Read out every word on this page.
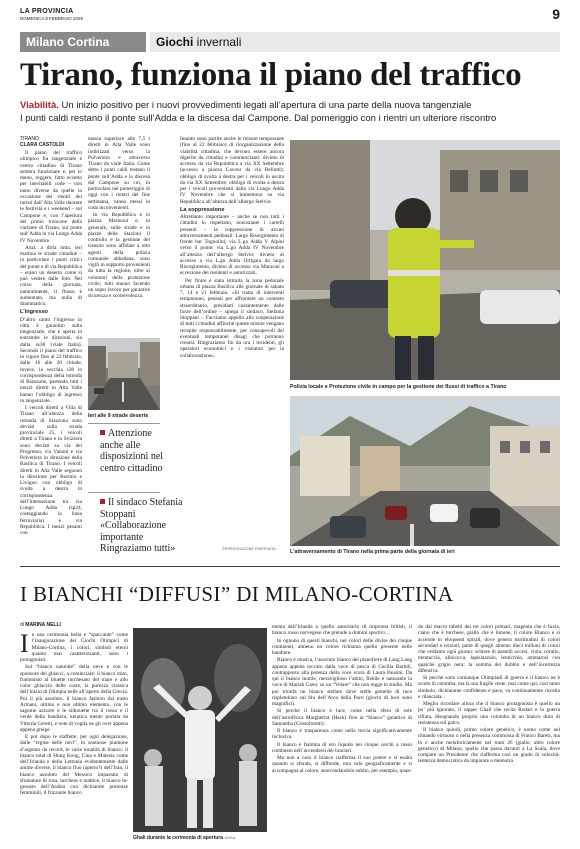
LA PROVINCIA
DOMENICA 8 FEBBRAIO 2026	9
Milano Cortina	Giochi invernali
Tirano, funziona il piano del traffico
Viabilità. Un inizio positivo per i nuovi provvedimenti legati all’apertura di una parte della nuova tangenziale
I punti caldi restano il ponte sull’Adda e la discesa dal Campone. Dal pomeriggio con i rientri un ulteriore riscontro
TIRANO
CLARA CASTOLDI

Il piano del traffico olimpico fra tangenziale e centro cittadino di Tirano sembra funzionare e, per lo meno, reggere, fatto eccetto per inevitabili code – non tanto diverse da quelle in occasione dei rientri dei turisti dall’Alta Valle durante le festività e i weekend – sul Campone e, con l’apertura del primo troncone della variante di Tirano, sul ponte sull’Adda in via Lungo Adda IV Novembre.

Anzi, a dirla tutta, ieri mattina le strade cittadine – in particolare i punti critici del ponte e di via Repubblica – erano un deserto come si può vedere dalle foto. Nel corso della giornata, naturalmente, il flusso è aumentato, ma nulla di drammatico.

L’ingresso

D’altro canto l’ingresso in città è garantito sulla tangenziale, che è aperta in entrambe le direzioni, sia dalla ss38 (viale Italia). Secondo il piano del traffico in vigore fino al 22 febbraio, dalle 16 alle 20 chiude, invece, la vecchia s38 in corrispondenza della rotonda di Bianzone, partendo tutti i mezzi diretti in Alta Valle hanno l’obbligo di ingresso in tangenziale.

I veicoli diretti a Villa di Tirano all’altezza della rotonda di Stazzona sono deviati sulla strada provinciale 25, i veicoli diretti a Tirano e in Svizzera sono deviati su via del Progresso, via Vanoni e via Polveriera in direzione della Basilica di Tirano. I veicoli diretti in Alta Valle seguono la direzione per Bormio e Livigno con obbligo di svolta a destra in corrispondenza dell’intersezione tra via Lungo Adda (sp24, costeggiando la linea ferroviaria) e via Repubblica. I mezzi pesanti con

massa superiore alle 7,5 t diretti in Alta Valle sono indirizzati verso la Polveriera e attraverso Tirano da viale Italia. Come detto i punti caldi restano il ponte sull’Adda e la discesa dal Campone su cui, in particolare nel pomeriggio di oggi con i rientri del fine settimana, vanno messi in coda inconvenienti.

In via Repubblica e in piazza Marinoni e, in generale, sulle strade e in piazze delle Stazioni il controllo e la gestione del transito sono affidate a otto agenti della polizia comunale abbadana, sono vigili in supporto provenienti da tutta la regione, oltre ai volontari della protezione civile; tutti stanno facendo un super lavoro per garantire sicurezza e scorrevolezza.

Ieri alle 9 strade deserte
Attenzione anche alle disposizioni nel centro cittadino
Il sindaco Stefania Stoppani «Collaborazione importante Ringraziamo tutti»

Intanto sono partite anche le misure temporanee (fino al 22 febbraio) di riorganizzazione della viabilità cittadina, che devono essere ancora digerite da cittadini e commercianti: divieto di accesso da via Repubblica a via XX Settembre (accesso a piazza Cavour da via Bellotti); obbligo di svolta a destra per i veicoli in uscita da via XX Settembre; obbligo di svolta a destra per i veicoli provenienti dalla via Lungo Adda IV Novembre che si immettono su via Repubblica all’altezza dell’albergo Stelvio.

La soppressione

Altrettanto importante – anche se non tutti i cittadini lo rispettano, nonostante i cartelli presenti – la soppressione di alcuni attraversamenti pedonali: Largo Risorgimento di fronte bar Tognolini; via L.go Adda V Alpini verso il ponte; via L.go Adda IV Novembre all’altezza dell’albergo Stelvio; divieto di accesso a via L.go Adda Ortigara da largo Risorgimento, divieto di accesso via Manzoni a eccezione dei residenti e autorizzati.

Per finire è stata istituita la zona pedonale urbana di piazza Basilica alle giornate di sabato 7, 14 e 21 febbraio. «Si tratta di interventi temporanei, pensati per affrontare un contesto straordinario, presidiati costantemente dalle forze dell’ordine – spiega il sindaco, Stefania Stoppani -. Facciamo appello alla cooperazione di tutti i cittadini affinché queste misure vengano recepite responsabilmente, per consapevoli dei eventuali temporanei disagi che potranno crearsi. Ringraziamo fin da ora i residenti, gli operatori economici e i visitatori per la collaborazione».

©RIPRODUZIONE RISERVATA
Polizia locale e Protezione civile in campo per la gestione dei flussi di traffico a Tirano
L’attraversamento di Tirano nella prima parte della giornata di ieri
I BIANCHI “DIFFUSI” DI MILANO-CORTINA
di MARINA NELLI
I n una cerimonia bella e “spaccante” come l’inaugurazione dei Giochi Olimpici di Milano-Cortina, i colori, simboli eterni quanto mai caratterizzanti, sono i protagonisti.

Sul “bianco naturale” della neve e con le sponsore dei ghiacci, a cominciare: il bianco mito, frammisto al bluette turchesato del mare e allo color ghiaccio delle coste, la purezza classica dell’inizio di Olimpia nelle all’aperto della Grecia. Poi il più assoluto, il bianco fashion dal tratto Armani, ultimo e non ultimo elemento, con le sagome azzurre e le silhouette tra il rosso e il verde della bandiera, keratica mente portata da Vittoria Ceretti, e note di voglia ne gli over appena appena greige.

E poi dopo le staffette, per ogni delegazione, dalle “regine delle nevi”, in sontuose piumone d’argento da record, le varie tonalità di bianco: il bianco total di Hong Kong, Cina e Malesia come dell’Irlanda e della Lettonia evidentemente dalle anime diverse, il bianco fluo (aperto?) dell’Iran, il bianco assoluto del Messico impastato di sfumature di rosa, turchese e mattice, il bianco in-gessato dell’Arabia con dichiarate presenze femminili, il frizzante bianco

Ghali durante la cerimonia di apertura ANSA

menta dell’Irlanda o quello autoritario di impronta british, il bianco rosso norvegese che prelude a domini sportivi…

In ognuno di questi bianchi, nei colori delle divise dei cinque continenti, almeno un colore richiama quello presente nelle bandiere.

Bianco è musica, l’assoluto bianco del pianoforte di Lang Lang appena appena toccato dalla voce di pesca di Cecilia Bartoli, contrapposto alla potenza della voce scura di Laura Pausini. Da qui il bianco inutile, meraviglioso l’abito, flebile e naturante la voce di Mariah Carey su un “Volare” che non regge lo studio. Ma poi trionfa un bianco stellare dove stelle gemelle di luce risplendono sul blu dell’Arco della Pace (giochi di luce sono magnifici).

Si perché il bianco è luce, come nella sfera di sole dell’astrofisica Margherita (Hack) fino al “bianco” galattico di Samantha (Cristoforetti).

Il bianco è trasparenza come nella torcia significativamente inclusiva.

Il bianco è fiamma di oro liquido nei cinque cerchi a rosso combusto nell’accendersi dei bracieri.

Ma non a caso il bianco riafferma il suo potere e si esalta quando si sfonda, si diffonde, non solo geograficamente e si accompagna al colore, assecondandolo subito, per esempio, quan-

do dai macro tabelti dei tre colori primari, magenta che è fuxia, ciano che è turchese, giallo che è limone, il colore Bianco è si accende in eloquenti spirali, dove genera moltitudini di colori secondari e terziari, parte di quegli almeno dieci milioni di colori che vediamo ogni giorno: schiere di pastelli accesi, viola, corallo, mentuccia, albicocca, lapislazzulo, lenticchio, ammarosi con qualche grigio nera: la somma del dubbio e dell’incertezza difensiva.

Si perché sono comunque Olimpiadi di guerra e il bianco ne è scudo di colomba, ma la sua fragile veste, mai come qui, così tanto simbolo, dichiarante confidenze e pace, va continuamente riscelta e rilanciata.

Meglio ricordare allora che il bianco protagonista è quello un po’ più ignorato, il rapper Ghali che recita Rodari e la guerra rifiuta, disegnando proprio una colomba di un bianco duro di resistenza sul palco.

Il bianco quindi, primo colore genetico, è uomo come nel rimando virtuoso o nella presenza commossa di Franco Baresi, ma lo è anche metaforicamente nel tram 26 (giallo, altro colore genetico) di Milano, quello che passa davanti a La Scala, dove compare un Presidente che riafferma così un grado di velocità-lentezza democratica da imparare a memoria.
